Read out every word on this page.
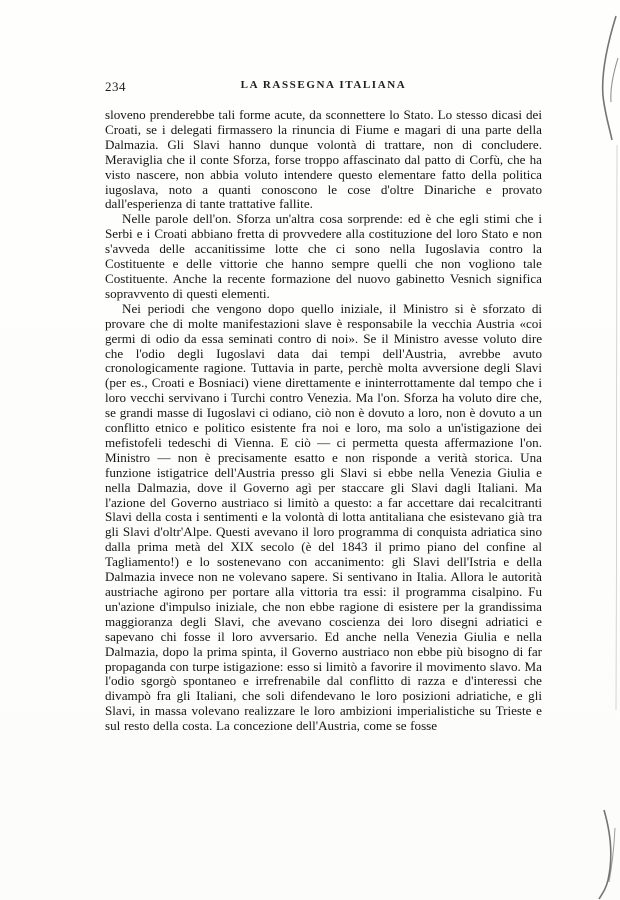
234	LA RASSEGNA ITALIANA

sloveno prenderebbe tali forme acute, da sconnettere lo Stato. Lo stesso dicasi dei Croati, se i delegati firmassero la rinuncia di Fiume e magari di una parte della Dalmazia. Gli Slavi hanno dunque volontà di trattare, non di concludere. Meraviglia che il conte Sforza, forse troppo affascinato dal patto di Corfù, che ha visto nascere, non abbia voluto intendere questo elementare fatto della politica iugoslava, noto a quanti conoscono le cose d'oltre Dinariche e provato dall'esperienza di tante trattative fallite.

Nelle parole dell'on. Sforza un'altra cosa sorprende: ed è che egli stimi che i Serbi e i Croati abbiano fretta di provvedere alla costituzione del loro Stato e non s'avveda delle accanitissime lotte che ci sono nella Iugoslavia contro la Costituente e delle vittorie che hanno sempre quelli che non vogliono tale Costituente. Anche la recente formazione del nuovo gabinetto Vesnich significa sopravvento di questi elementi.

Nei periodi che vengono dopo quello iniziale, il Ministro si è sforzato di provare che di molte manifestazioni slave è responsabile la vecchia Austria «coi germi di odio da essa seminati contro di noi». Se il Ministro avesse voluto dire che l'odio degli Iugoslavi data dai tempi dell'Austria, avrebbe avuto cronologicamente ragione. Tuttavia in parte, perchè molta avversione degli Slavi (per es., Croati e Bosniaci) viene direttamente e ininterrottamente dal tempo che i loro vecchi servivano i Turchi contro Venezia. Ma l'on. Sforza ha voluto dire che, se grandi masse di Iugoslavi ci odiano, ciò non è dovuto a loro, non è dovuto a un conflitto etnico e politico esistente fra noi e loro, ma solo a un'istigazione dei mefistofeli tedeschi di Vienna. E ciò — ci permetta questa affermazione l'on. Ministro — non è precisamente esatto e non risponde a verità storica. Una funzione istigatrice dell'Austria presso gli Slavi si ebbe nella Venezia Giulia e nella Dalmazia, dove il Governo agì per staccare gli Slavi dagli Italiani. Ma l'azione del Governo austriaco si limitò a questo: a far accettare dai recalcitranti Slavi della costa i sentimenti e la volontà di lotta antitaliana che esistevano già tra gli Slavi d'oltr'Alpe. Questi avevano il loro programma di conquista adriatica sino dalla prima metà del XIX secolo (è del 1843 il primo piano del confine al Tagliamento!) e lo sostenevano con accanimento: gli Slavi dell'Istria e della Dalmazia invece non ne volevano sapere. Si sentivano in Italia. Allora le autorità austriache agirono per portare alla vittoria tra essi: il programma cisalpino. Fu un'azione d'impulso iniziale, che non ebbe ragione di esistere per la grandissima maggioranza degli Slavi, che avevano coscienza dei loro disegni adriatici e sapevano chi fosse il loro avversario. Ed anche nella Venezia Giulia e nella Dalmazia, dopo la prima spinta, il Governo austriaco non ebbe più bisogno di far propaganda con turpe istigazione: esso si limitò a favorire il movimento slavo. Ma l'odio sgorgò spontaneo e irrefrenabile dal conflitto di razza e d'interessi che divampò fra gli Italiani, che soli difendevano le loro posizioni adriatiche, e gli Slavi, in massa volevano realizzare le loro ambizioni imperialistiche su Trieste e sul resto della costa. La concezione dell'Austria, come se fosse
